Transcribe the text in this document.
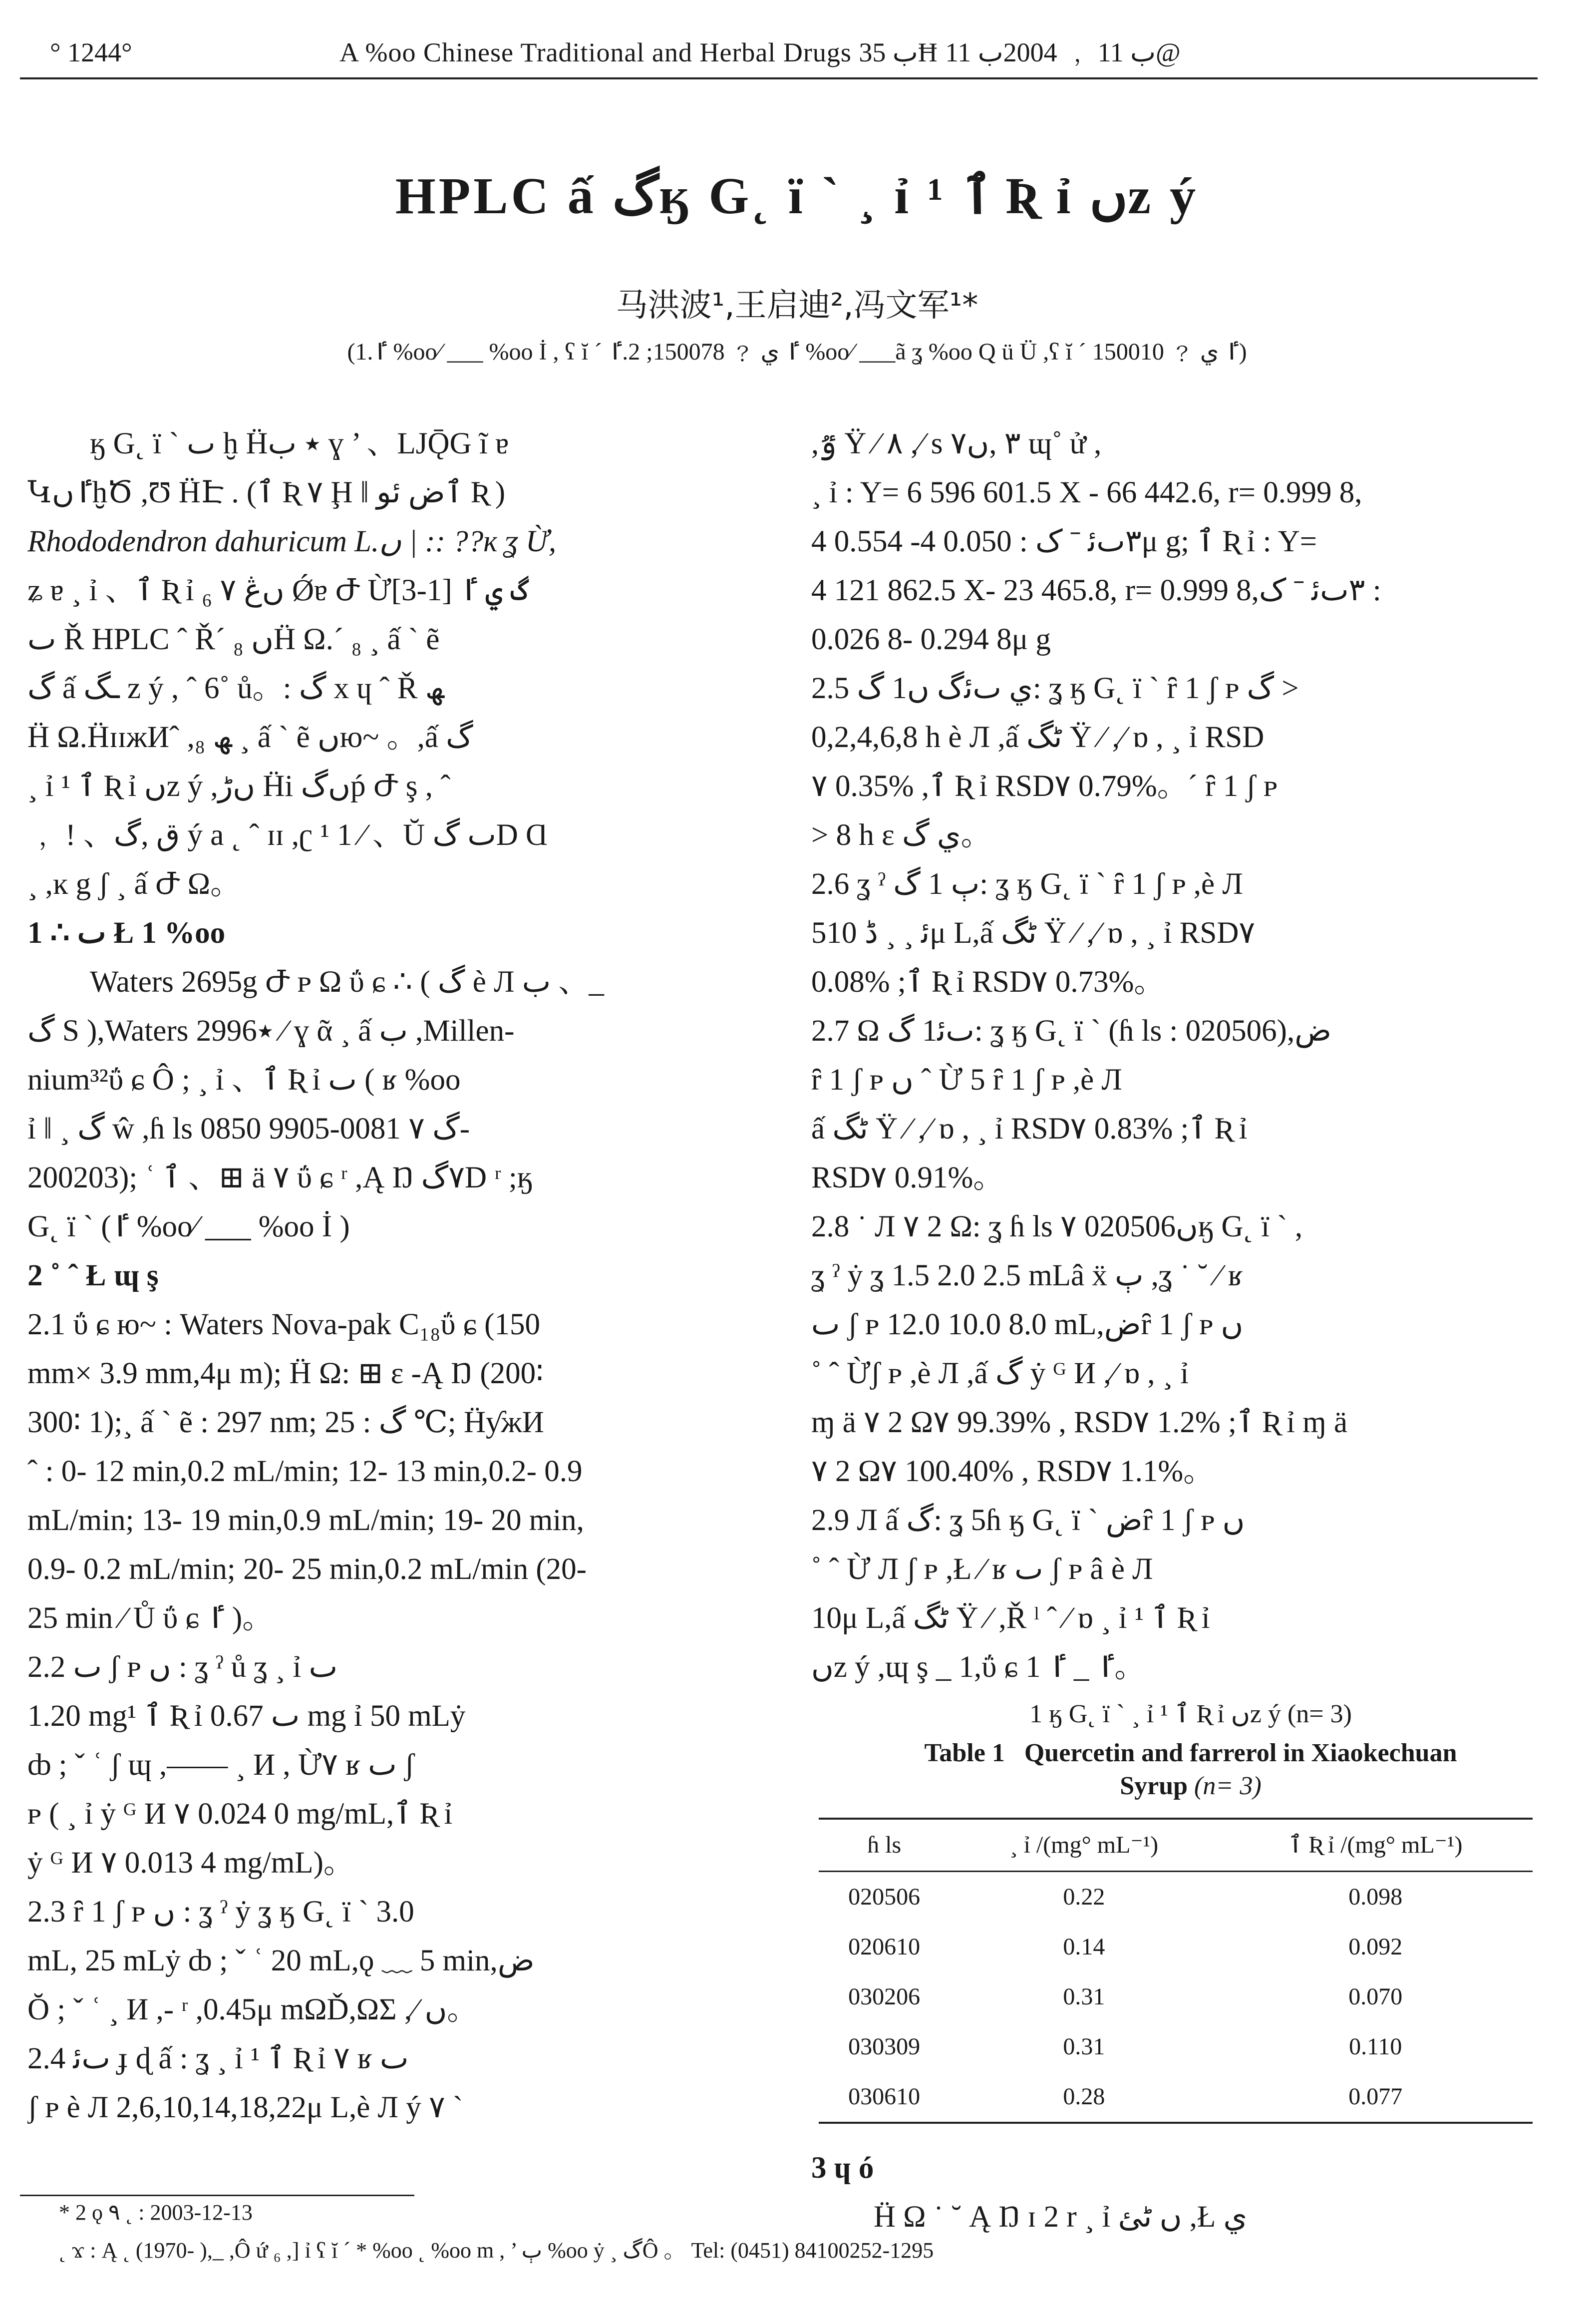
° 1244°	A %oo Chinese Traditional and Herbal Drugs ب 35Ħ ب 11 ﹐ 2004ب 11@
HPLC ấ گӄ G˛ ï ` ¸ ỉ ¹ ٱ Ʀ ỉ ﮞz ý
马洪波¹,王启迪²,冯文军¹*
(1.ٵ %oo⁄ ___ %oo İ , ʕ ĭ ´ ٵ ي ﹖ 150078; 2.ٵ %oo⁄ ___ã ʓ %oo Q ü Ü ,ʕ ĭ ´ ٵ ي ﹖ 150010)
ӄ G˛ ï ` ٮ ḫ Ḧ٭ ب ɣ ’ 、LJǬG ĩ ɐ
ԿٵﮞḫԾ ,Ʊ ḦԷ . (ٱ Ʀ ٧ Ḩ ǁ ٱض ئو Ʀ )
Rhododendron dahuricum L.ﮞ | :: ??ĸ ʓ Ừ,
ʑ ɐ ¸ ỉ 、ٱ Ʀ ỉ ﮞڠ ٧ ₆ Ǿɐ Ժ Ừگ ي ٵ [1-3]
ٮ Ř HPLC ˆ Ř´ ₈ ﮞḦ Ω.´ ₈ ¸ ấ ˋ ẽ
گ ấ ـگ z ý , ˆ 6˚ ů。: گ x ɥ ˆ Ř ﮫ
Ḧ Ω.ḦɪɪжИˆ ,₈ ﮫ ¸ ấ ˋ ẽ ﮞю~ 。,ấ گ
¸ ỉ ¹ ٱ Ʀ ỉ ﮞz ý ,ﮞڑ Ḧi ﮞگṕ Ժ ş , ˆ
﹐ ! 、ق ,گ ý a ˛ ˆ ɪɪ ,ʗ ¹ 1 ⁄ 、Ŭ ٮ گD Ɑ
¸ ,ĸ g ʃ ¸ ấ Ժ Ω。
1 ∴ ٮ Ł 1 %oo
Waters 2695g Ժ ᴘ Ω ΰ ɕ ∴ ( گ è Л ب 、_
گ S ),Waters 2996٭ ⁄ ɣ ᾶ ¸ ấ ب ,Millen-
nium³²ΰ ɕ Ô ; ¸ ỉ 、ٱ Ʀ ỉ ٮ ( ʁ %oo
ỉ ǁ ¸ گ ŵ ,ɦ ls گ ٧ 0081-9905 0850-
200203); ʿ ٱ 、⊞ ä ٧ ΰ ɕ ʳ ,Ą Ŋ ٧گD ʳ ;ӄ
G˛ ï ` (ٵ %oo⁄ ___ %oo İ )
2 ˚ ˆ Ł ɰ ş
2.1 ΰ ɕ ю~ : Waters Nova-pak C₁₈ΰ ɕ (150
mm× 3.9 mm,4μ m); Ḧ Ω: ⊞ ɛ -Ą Ŋ (200∶
300∶ 1);¸ ấ ˋ ẽ : 297 nm; گ : 25 ℃; ḦƴжИ
ˆ : 0- 12 min,0.2 mL/min; 12- 13 min,0.2- 0.9
mL/min; 13- 19 min,0.9 mL/min; 19- 20 min,
0.9- 0.2 mL/min; 20- 25 min,0.2 mL/min (20-
25 min ⁄ Ů ΰ ɕ ٵ )。
2.2 ٮ ʃ ᴘ ﮞ : ʓ ˀ ů ʓ ¸ ỉ ٮ
1.20 mg¹ ٱ Ʀ ỉ ٮ 0.67 mg ỉ 50 mLẏ
ȸ ; ˇ ʿ ʃ ɰ ,—— ¸ И , Ừ٧ ʁ ٮ ʃ
ᴘ ( ¸ ỉ ẏ ᴳ И ٧ 0.024 0 mg/mL,ٱ Ʀ ỉ
ẏ ᴳ И ٧ 0.013 4 mg/mL)。
2.3 ȓ 1 ʃ ᴘ ﮞ : ʓ ˀ ẏ ʓ ӄ G˛ ï ` 3.0
mL, 25 mLẏ ȸ ; ˇ ʿ 20 mL,ǫ ﹏ 5 min,ض
Ŏ ; ˇ ʿ ¸ И ,- ʳ ,0.45μ mΩĎ,ΩƩ ,⁄ ﮞ。
2.4 ٮﺋ ɟ ɖ ấ : ʓ ¸ ỉ ¹ ٱ Ʀ ỉ ٧ ʁ ٮ
ʃ ᴘ è Л 2,6,10,14,18,22μ L,è Л ý ٧ `
,ٷ Ÿ ⁄ ٨ ,⁄ s ٣ ,ﮞ٧ ɰ˚ ử ,
¸ ỉ : Y= 6 596 601.5 X - 66 442.6, r= 0.999 8,
٣ٮﺋ ˉ ک : 0.050 4- 0.554 4μ g; ٱ Ʀ ỉ : Y=
4 121 862.5 X- 23 465.8, r= 0.999 8,٣ٮﺋ ˉ ک :
0.026 8- 0.294 8μ g
2.5 ي ٮﺋگ ﮞ1 گ: ʓ ӄ G˛ ï ` ȓ 1 ʃ ᴘ گ >
0,2,4,6,8 h è Л ,ấ ٹگ Ÿ ⁄ ,⁄ ɒ , ¸ ỉ RSD
٧ 0.35% ,ٱ Ʀ ỉ RSD٧ 0.79%。´ ȓ 1 ʃ ᴘ
> 8 h ɛ ي گ。
2.6 ʓ ˀ ٻ 1 گ: ʓ ӄ G˛ ï ` ȓ 1 ʃ ᴘ ,è Л
5ﺋ ¸ ¸ ڈ 10μ L,ấ ٹگ Ÿ ⁄ ,⁄ ɒ , ¸ ỉ RSD٧
0.08% ;ٱ Ʀ ỉ RSD٧ 0.73%。
2.7 Ω ٮﺋ1 گ: ʓ ӄ G˛ ï ` (ɦ ls : 020506),ض
ȓ 1 ʃ ᴘ ﮞ ˆ Ừ 5 ȓ 1 ʃ ᴘ ,è Л
ấ ٹگ Ÿ ⁄ ,⁄ ɒ , ¸ ỉ RSD٧ 0.83% ;ٱ Ʀ ỉ
RSD٧ 0.91%。
2.8 ˙ Л ٧ 2 Ω: ʓ ɦ ls ٧ 020506ﮞӄ G˛ ï ` ,
ʓ ˀ ẏ ʓ 1.5 2.0 2.5 mLâ ẍ ٻ ,ʓ ˙ ˘ ⁄ ʁ
ٮ ʃ ᴘ 12.0 10.0 8.0 mL,ضȓ 1 ʃ ᴘ ﮞ
˚ ˆ Ừʃ ᴘ ,è Л ,ấ گ ẏ ᴳ И ,⁄ ɒ , ¸ ỉ
ɱ ä ٧ 2 Ω٧ 99.39% , RSD٧ 1.2% ;ٱ Ʀ ỉ ɱ ä
٧ 2 Ω٧ 100.40% , RSD٧ 1.1%。
2.9 Л ấ گ: ʓ 5ɦ ӄ G˛ ï ` ضȓ 1 ʃ ᴘ ﮞ
˚ ˆ Ừ Л ʃ ᴘ ,Ł ⁄ ʁ ٮ ʃ ᴘ â è Л
10μ L,ấ ٹگ Ÿ ⁄ ,Ř ˡ ˆ ⁄ ɒ ¸ ỉ ¹ ٱ Ʀ ỉ
ﮞz ý ,ɰ ş _ 1,ΰ ɕ ٵ _ ٵ 1。
1 ӄ G˛ ï ` ¸ ỉ ¹ ٱ Ʀ ỉ ﮞz ý (n= 3)
Table 1 Quercetin and farrerol in Xiaokechuan
Syrup (n= 3)
ɦ ls	¸ ỉ /(mg° mL⁻¹)	ٱ Ʀ ỉ /(mg° mL⁻¹)
020506	0.22	0.098
020610	0.14	0.092
030206	0.31	0.070
030309	0.31	0.110
030610	0.28	0.077
3 ɥ ó
Ḧ Ω ˙ ˘ Ą Ŋ ɪ 2 r ¸ ỉ ﮞ ٹئ ,Ł ي
* 2 ǫ ٩ ˛ : 2003-12-13
˛ ϫ : Ą ˛ (1970- ),_ ,Ô ứ ₆ ,] ỉ ʕ ĭ ´ * %oo ˛ %oo m , ’ ٻ %oo ẏ ¸ گÔ 。 Tel: (0451) 84100252-1295
